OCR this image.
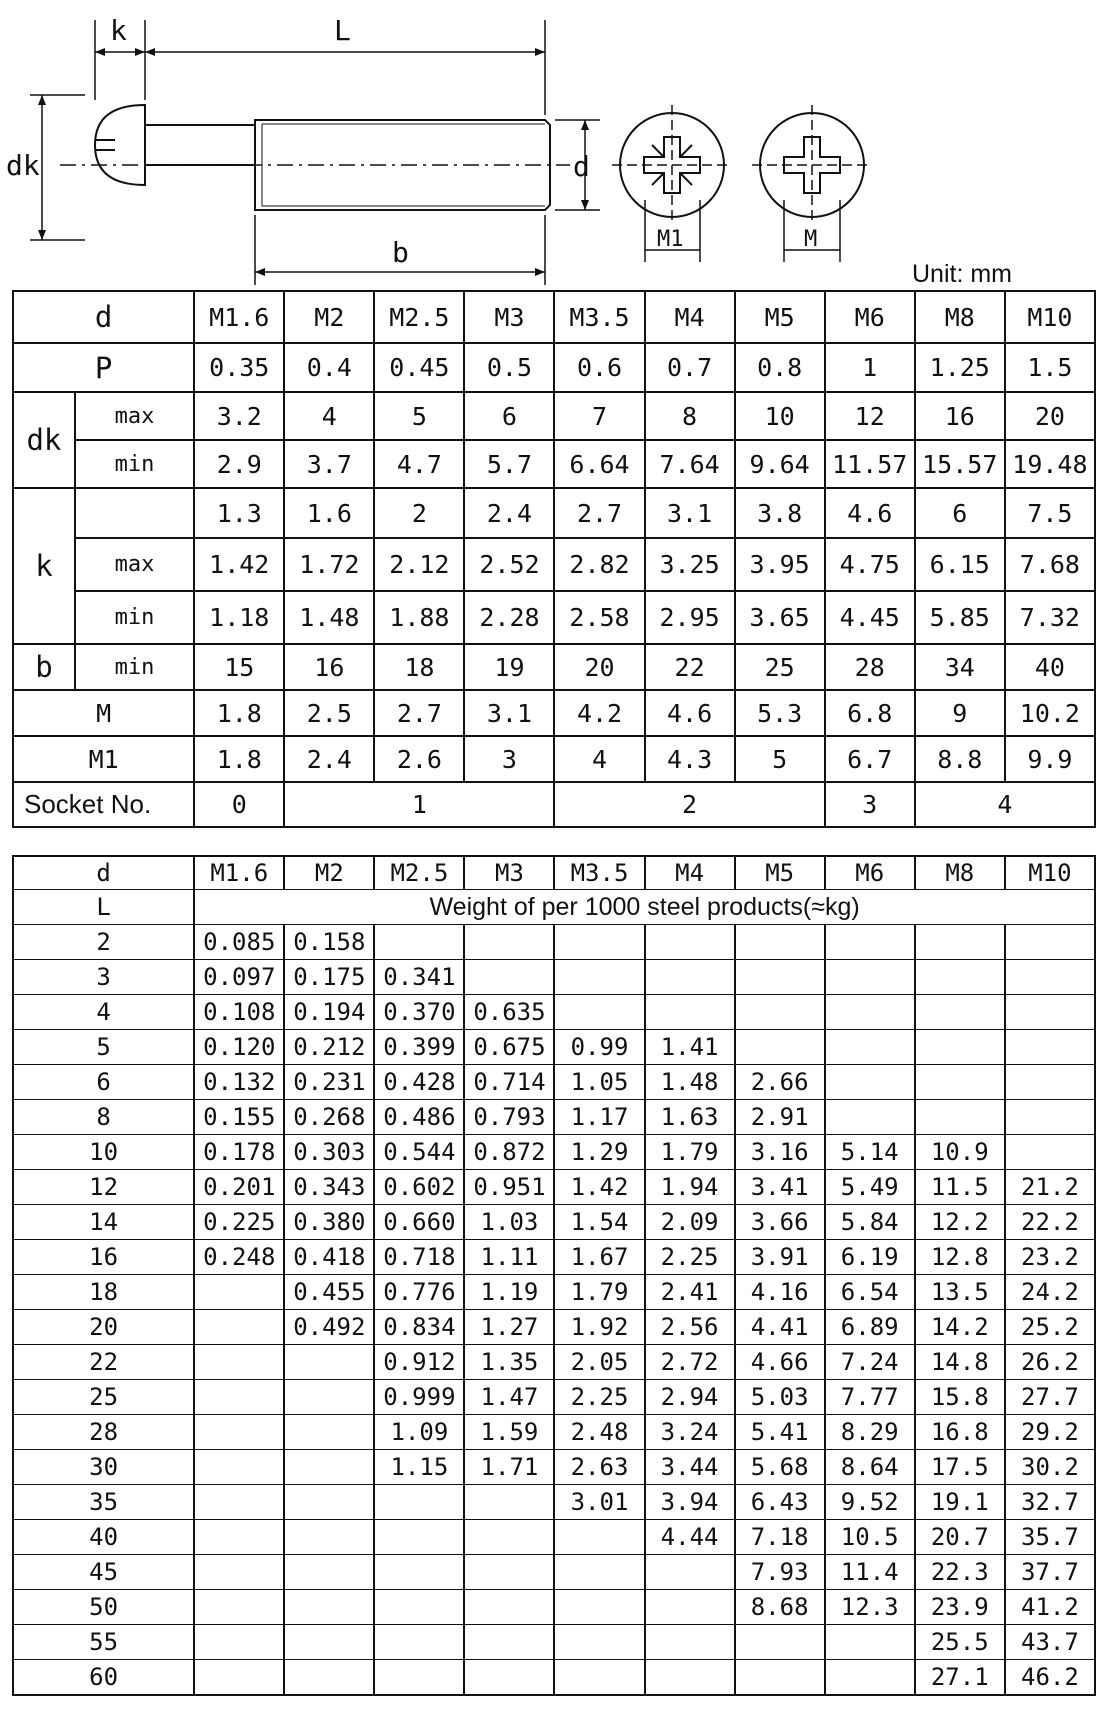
k	L
dk	d
b	M1	M
Unit: mm
d		M1.6	M2	M2.5	M3	M3.5	M4	M5	M6	M8	M10
P		0.35	0.4	0.45	0.5	0.6	0.7	0.8	1	1.25	1.5
dk	max	3.2	4	5	6	7	8	10	12	16	20
	min	2.9	3.7	4.7	5.7	6.64	7.64	9.64	11.57	15.57	19.48
k		1.3	1.6	2	2.4	2.7	3.1	3.8	4.6	6	7.5
	max	1.42	1.72	2.12	2.52	2.82	3.25	3.95	4.75	6.15	7.68
	min	1.18	1.48	1.88	2.28	2.58	2.95	3.65	4.45	5.85	7.32
b	min	15	16	18	19	20	22	25	28	34	40
M		1.8	2.5	2.7	3.1	4.2	4.6	5.3	6.8	9	10.2
M1		1.8	2.4	2.6	3	4	4.3	5	6.7	8.8	9.9
Socket No.		0	1			2			3	4	
d	M1.6	M2	M2.5	M3	M3.5	M4	M5	M6	M8	M10
L	Weight of per 1000 steel products(≈kg)									
2	0.085	0.158								
3	0.097	0.175	0.341							
4	0.108	0.194	0.370	0.635						
5	0.120	0.212	0.399	0.675	0.99	1.41				
6	0.132	0.231	0.428	0.714	1.05	1.48	2.66			
8	0.155	0.268	0.486	0.793	1.17	1.63	2.91			
10	0.178	0.303	0.544	0.872	1.29	1.79	3.16	5.14	10.9	
12	0.201	0.343	0.602	0.951	1.42	1.94	3.41	5.49	11.5	21.2
14	0.225	0.380	0.660	1.03	1.54	2.09	3.66	5.84	12.2	22.2
16	0.248	0.418	0.718	1.11	1.67	2.25	3.91	6.19	12.8	23.2
18		0.455	0.776	1.19	1.79	2.41	4.16	6.54	13.5	24.2
20		0.492	0.834	1.27	1.92	2.56	4.41	6.89	14.2	25.2
22			0.912	1.35	2.05	2.72	4.66	7.24	14.8	26.2
25			0.999	1.47	2.25	2.94	5.03	7.77	15.8	27.7
28			1.09	1.59	2.48	3.24	5.41	8.29	16.8	29.2
30			1.15	1.71	2.63	3.44	5.68	8.64	17.5	30.2
35					3.01	3.94	6.43	9.52	19.1	32.7
40						4.44	7.18	10.5	20.7	35.7
45							7.93	11.4	22.3	37.7
50							8.68	12.3	23.9	41.2
55									25.5	43.7
60									27.1	46.2
